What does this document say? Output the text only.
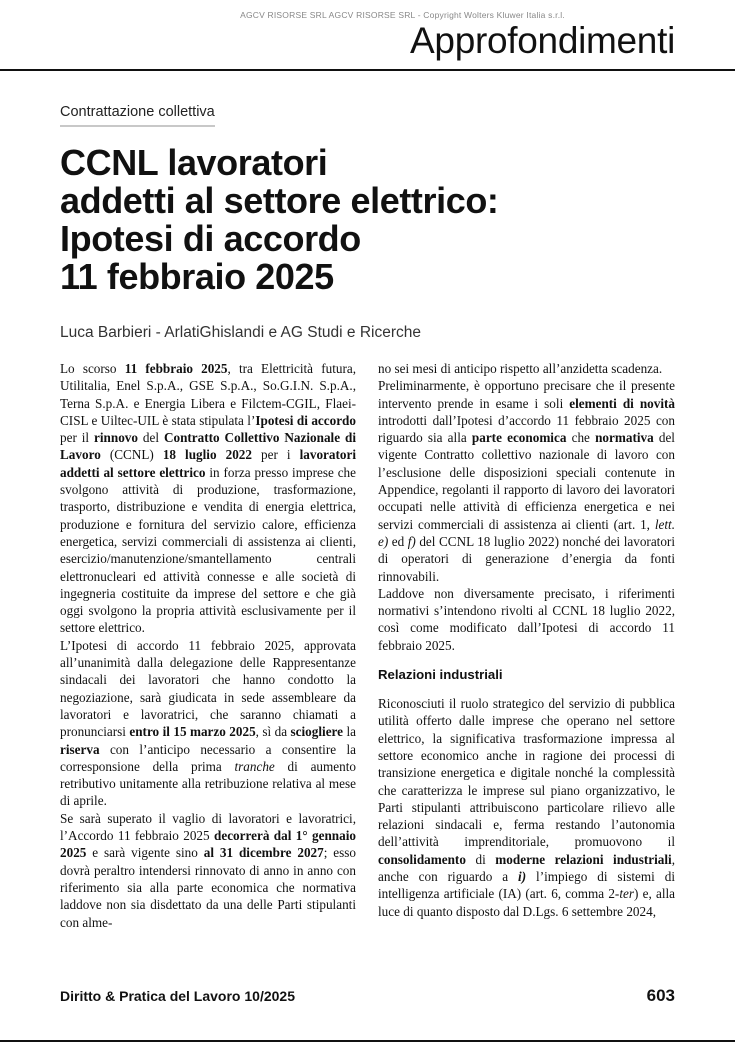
AGCV RISORSE SRL AGCV RISORSE SRL - Copyright Wolters Kluwer Italia s.r.l.
Approfondimenti
Contrattazione collettiva
CCNL lavoratori
addetti al settore elettrico:
Ipotesi di accordo
11 febbraio 2025
Luca Barbieri - ArlatiGhislandi e AG Studi e Ricerche

Lo scorso 11 febbraio 2025, tra Elettricità futura, Utilitalia, Enel S.p.A., GSE S.p.A., So.G.I.N. S.p.A., Terna S.p.A. e Energia Libera e Filctem-CGIL, Flaei-CISL e Uiltec-UIL è stata stipulata l’Ipotesi di accordo per il rinnovo del Contratto Collettivo Nazionale di Lavoro (CCNL) 18 luglio 2022 per i lavoratori addetti al settore elettrico in forza presso imprese che svolgono attività di produzione, trasformazione, trasporto, distribuzione e vendita di energia elettrica, produzione e fornitura del servizio calore, efficienza energetica, servizi commerciali di assistenza ai clienti, esercizio/manutenzione/smantellamento centrali elettronucleari ed attività connesse e alle società di ingegneria costituite da imprese del settore e che già oggi svolgono la propria attività esclusivamente per il settore elettrico.

L’Ipotesi di accordo 11 febbraio 2025, approvata all’unanimità dalla delegazione delle Rappresentanze sindacali dei lavoratori che hanno condotto la negoziazione, sarà giudicata in sede assembleare da lavoratori e lavoratrici, che saranno chiamati a pronunciarsi entro il 15 marzo 2025, sì da sciogliere la riserva con l’anticipo necessario a consentire la corresponsione della prima tranche di aumento retributivo unitamente alla retribuzione relativa al mese di aprile.

Se sarà superato il vaglio di lavoratori e lavoratrici, l’Accordo 11 febbraio 2025 decorrerà dal 1° gennaio 2025 e sarà vigente sino al 31 dicembre 2027; esso dovrà peraltro intendersi rinnovato di anno in anno con riferimento sia alla parte economica che normativa laddove non sia disdettato da una delle Parti stipulanti con alme-

no sei mesi di anticipo rispetto all’anzidetta scadenza.

Preliminarmente, è opportuno precisare che il presente intervento prende in esame i soli elementi di novità introdotti dall’Ipotesi d’accordo 11 febbraio 2025 con riguardo sia alla parte economica che normativa del vigente Contratto collettivo nazionale di lavoro con l’esclusione delle disposizioni speciali contenute in Appendice, regolanti il rapporto di lavoro dei lavoratori occupati nelle attività di efficienza energetica e nei servizi commerciali di assistenza ai clienti (art. 1, lett. e) ed f) del CCNL 18 luglio 2022) nonché dei lavoratori di operatori di generazione d’energia da fonti rinnovabili.

Laddove non diversamente precisato, i riferimenti normativi s’intendono rivolti al CCNL 18 luglio 2022, così come modificato dall’Ipotesi di accordo 11 febbraio 2025.

Relazioni industriali

Riconosciuti il ruolo strategico del servizio di pubblica utilità offerto dalle imprese che operano nel settore elettrico, la significativa trasformazione impressa al settore economico anche in ragione dei processi di transizione energetica e digitale nonché la complessità che caratterizza le imprese sul piano organizzativo, le Parti stipulanti attribuiscono particolare rilievo alle relazioni sindacali e, ferma restando l’autonomia dell’attività imprenditoriale, promuovono il consolidamento di moderne relazioni industriali, anche con riguardo a i) l’impiego di sistemi di intelligenza artificiale (IA) (art. 6, comma 2-ter) e, alla luce di quanto disposto dal D.Lgs. 6 settembre 2024,

Diritto & Pratica del Lavoro 10/2025	603
